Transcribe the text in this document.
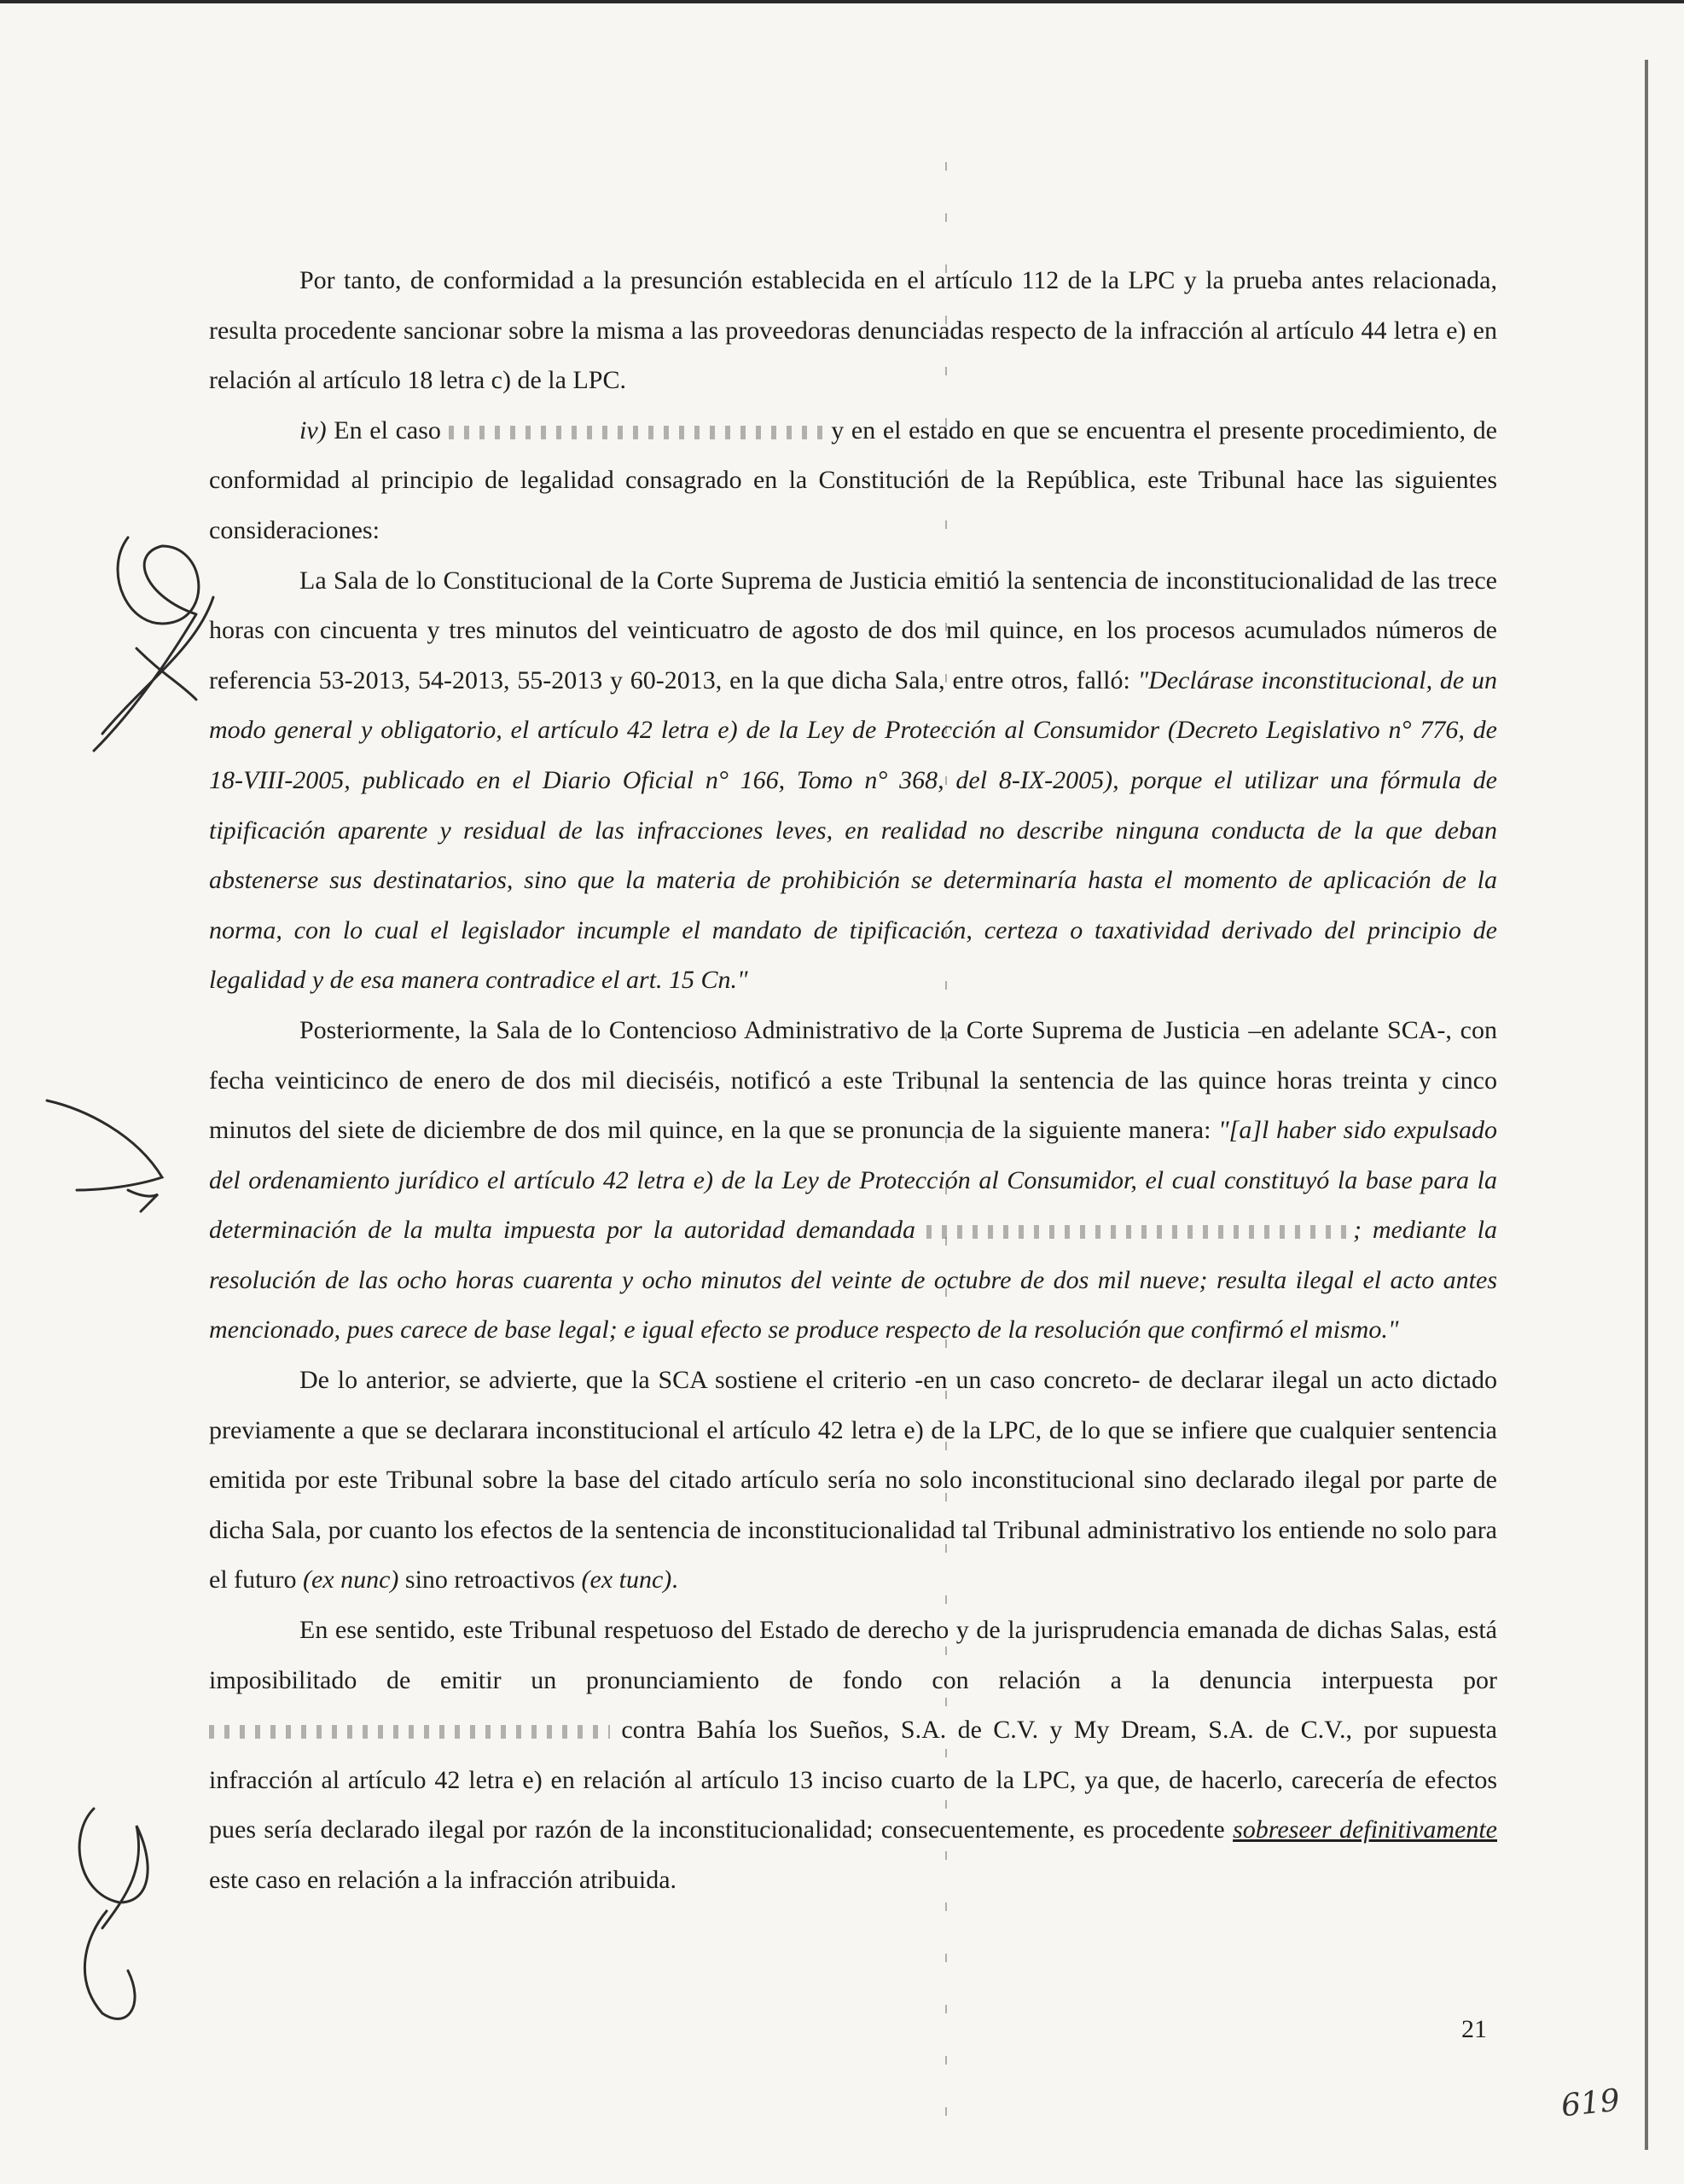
Por tanto, de conformidad a la presunción establecida en el artículo 112 de la LPC y la prueba antes relacionada, resulta procedente sancionar sobre la misma a las proveedoras denunciadas respecto de la infracción al artículo 44 letra e) en relación al artículo 18 letra c) de la LPC.

iv) En el caso	y en el estado en que se encuentra el presente procedimiento, de conformidad al principio de legalidad consagrado en la Constitución de la República, este Tribunal hace las siguientes consideraciones:

La Sala de lo Constitucional de la Corte Suprema de Justicia emitió la sentencia de inconstitucionalidad de las trece horas con cincuenta y tres minutos del veinticuatro de agosto de dos mil quince, en los procesos acumulados números de referencia 53-2013, 54-2013, 55-2013 y 60-2013, en la que dicha Sala, entre otros, falló: "Declárase inconstitucional, de un modo general y obligatorio, el artículo 42 letra e) de la Ley de Protección al Consumidor (Decreto Legislativo n° 776, de 18-VIII-2005, publicado en el Diario Oficial n° 166, Tomo n° 368, del 8-IX-2005), porque el utilizar una fórmula de tipificación aparente y residual de las infracciones leves, en realidad no describe ninguna conducta de la que deban abstenerse sus destinatarios, sino que la materia de prohibición se determinaría hasta el momento de aplicación de la norma, con lo cual el legislador incumple el mandato de tipificación, certeza o taxatividad derivado del principio de legalidad y de esa manera contradice el art. 15 Cn."

Posteriormente, la Sala de lo Contencioso Administrativo de la Corte Suprema de Justicia –en adelante SCA-, con fecha veinticinco de enero de dos mil dieciséis, notificó a este Tribunal la sentencia de las quince horas treinta y cinco minutos del siete de diciembre de dos mil quince, en la que se pronuncia de la siguiente manera: "[a]l haber sido expulsado del ordenamiento jurídico el artículo 42 letra e) de la Ley de Protección al Consumidor, el cual constituyó la base para la determinación de la multa impuesta por la autoridad demandada	; mediante la resolución de las ocho horas cuarenta y ocho minutos del veinte de octubre de dos mil nueve; resulta ilegal el acto antes mencionado, pues carece de base legal; e igual efecto se produce respecto de la resolución que confirmó el mismo."

De lo anterior, se advierte, que la SCA sostiene el criterio -en un caso concreto- de declarar ilegal un acto dictado previamente a que se declarara inconstitucional el artículo 42 letra e) de la LPC, de lo que se infiere que cualquier sentencia emitida por este Tribunal sobre la base del citado artículo sería no solo inconstitucional sino declarado ilegal por parte de dicha Sala, por cuanto los efectos de la sentencia de inconstitucionalidad tal Tribunal administrativo los entiende no solo para el futuro (ex nunc) sino retroactivos (ex tunc).

En ese sentido, este Tribunal respetuoso del Estado de derecho y de la jurisprudencia emanada de dichas Salas, está imposibilitado de emitir un pronunciamiento de fondo con relación a la denuncia interpuesta por  contra Bahía los Sueños, S.A. de C.V. y My Dream, S.A. de C.V., por supuesta infracción al artículo 42 letra e) en relación al artículo 13 inciso cuarto de la LPC, ya que, de hacerlo, carecería de efectos pues sería declarado ilegal por razón de la inconstitucionalidad; consecuentemente, es procedente sobreseer definitivamente este caso en relación a la infracción atribuida.

21
619
